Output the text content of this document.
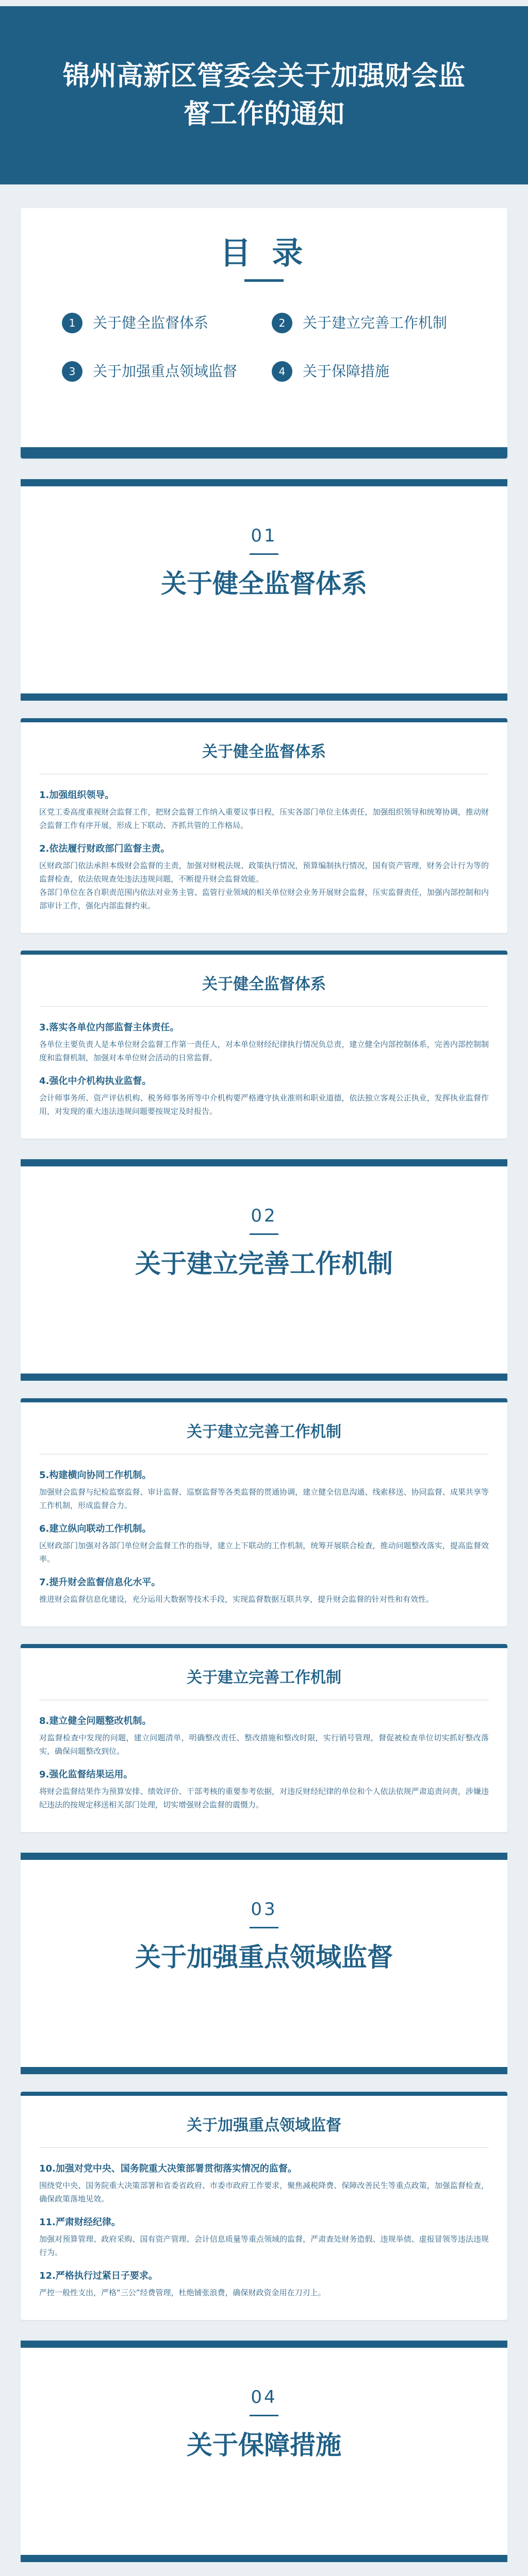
锦州高新区管委会关于加强财会监督工作的通知
目 录
1	关于健全监督体系	2	关于建立完善工作机制
3	关于加强重点领域监督	4	关于保障措施
01
关于健全监督体系
关于健全监督体系
1.加强组织领导。
区党工委高度重视财会监督工作，把财会监督工作纳入重要议事日程，压实各部门单位主体责任，加强组织领导和统筹协调，推动财会监督工作有序开展，形成上下联动、齐抓共管的工作格局。
2.依法履行财政部门监督主责。
区财政部门依法承担本级财会监督的主责，加强对财税法规、政策执行情况，预算编制执行情况，国有资产管理，财务会计行为等的监督检查，依法依规查处违法违规问题，不断提升财会监督效能。
各部门单位在各自职责范围内依法对业务主管、监管行业领域的相关单位财会业务开展财会监督，压实监督责任，加强内部控制和内部审计工作，强化内部监督约束。
关于健全监督体系
3.落实各单位内部监督主体责任。
各单位主要负责人是本单位财会监督工作第一责任人，对本单位财经纪律执行情况负总责，建立健全内部控制体系，完善内部控制制度和监督机制，加强对本单位财会活动的日常监督。
4.强化中介机构执业监督。
会计师事务所、资产评估机构、税务师事务所等中介机构要严格遵守执业准则和职业道德，依法独立客观公正执业，发挥执业监督作用，对发现的重大违法违规问题要按规定及时报告。
02
关于建立完善工作机制
关于建立完善工作机制
5.构建横向协同工作机制。
加强财会监督与纪检监察监督、审计监督、巡察监督等各类监督的贯通协调，建立健全信息沟通、线索移送、协同监督、成果共享等工作机制，形成监督合力。
6.建立纵向联动工作机制。
区财政部门加强对各部门单位财会监督工作的指导，建立上下联动的工作机制，统筹开展联合检查，推动问题整改落实，提高监督效率。
7.提升财会监督信息化水平。
推进财会监督信息化建设，充分运用大数据等技术手段，实现监督数据互联共享，提升财会监督的针对性和有效性。
关于建立完善工作机制
8.建立健全问题整改机制。
对监督检查中发现的问题，建立问题清单，明确整改责任、整改措施和整改时限，实行销号管理，督促被检查单位切实抓好整改落实，确保问题整改到位。
9.强化监督结果运用。
将财会监督结果作为预算安排、绩效评价、干部考核的重要参考依据，对违反财经纪律的单位和个人依法依规严肃追责问责，涉嫌违纪违法的按规定移送相关部门处理，切实增强财会监督的震慑力。
03
关于加强重点领域监督
关于加强重点领域监督
10.加强对党中央、国务院重大决策部署贯彻落实情况的监督。
围绕党中央、国务院重大决策部署和省委省政府、市委市政府工作要求，聚焦减税降费、保障改善民生等重点政策，加强监督检查，确保政策落地见效。
11.严肃财经纪律。
加强对预算管理、政府采购、国有资产管理、会计信息质量等重点领域的监督，严肃查处财务造假、违规举债、虚报冒领等违法违规行为。
12.严格执行过紧日子要求。
严控一般性支出，严格“三公”经费管理，杜绝铺张浪费，确保财政资金用在刀刃上。
04
关于保障措施
